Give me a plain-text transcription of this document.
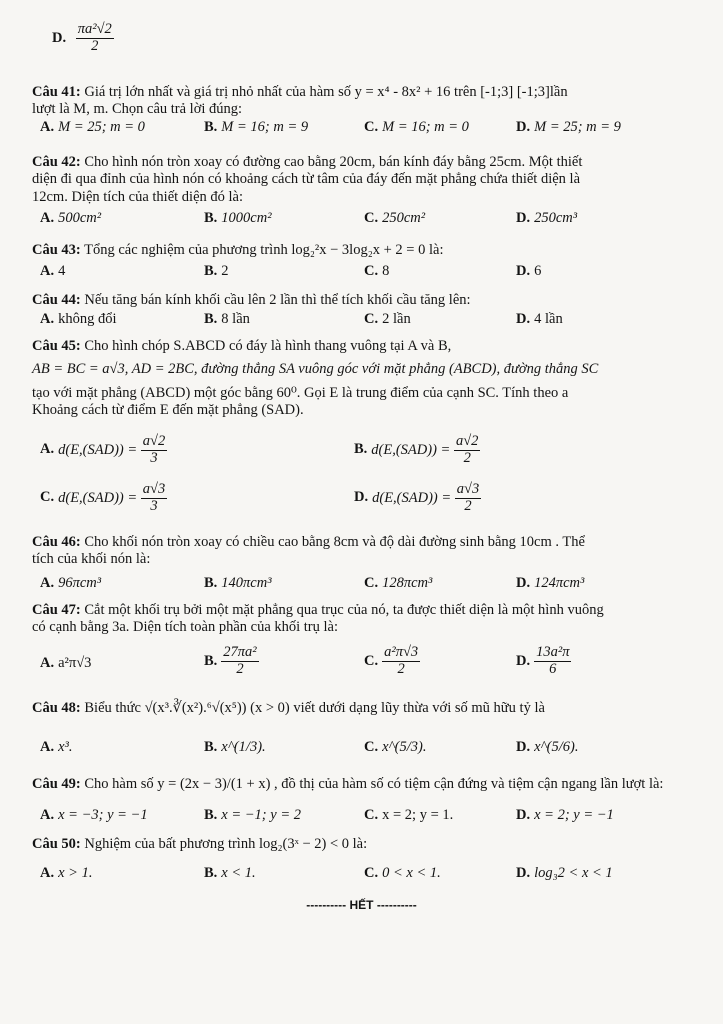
D. $\frac{\text{πa²√2}}{2}$

Câu 41: Giá trị lớn nhất và giá trị nhỏ nhất của hàm số y = x⁴ - 8x² + 16 trên [-1;3] [-1;3]lần

lượt là M, m. Chọn câu trả lời đúng:

A. M = 25; m = 0	B. M = 16; m = 9	C. M = 16; m = 0	D. M = 25; m = 9

Câu 42: Cho hình nón tròn xoay có đường cao bằng 20cm, bán kính đáy bằng 25cm. Một thiết

diện đi qua đỉnh của hình nón có khoảng cách từ tâm của đáy đến mặt phẳng chứa thiết diện là

12cm. Diện tích của thiết diện đó là:

A. 500cm²	B. 1000cm²	C. 250cm²	D. 250cm³

Câu 43: Tổng các nghiệm của phương trình log₂²x − 3log₂x + 2 = 0 là:

A. 4	B. 2	C. 8	D. 6

Câu 44: Nếu tăng bán kính khối cầu lên 2 lần thì thể tích khối cầu tăng lên:

A. không đổi	B. 8 lần	C. 2 lần	D. 4 lần

Câu 45: Cho hình chóp S.ABCD có đáy là hình thang vuông tại A và B,

AB = BC = a√3, AD = 2BC, đường thẳng SA vuông góc với mặt phẳng (ABCD), đường thẳng SC

tạo với mặt phẳng (ABCD) một góc bằng 60⁰. Gọi E là trung điểm của cạnh SC. Tính theo a

Khoảng cách từ điểm E đến mặt phẳng (SAD).

A. $d(E,(SAD)) = \frac{a√2}{3}$	B. $d(E,(SAD)) = \frac{a√2}{2}$
C. $d(E,(SAD)) = \frac{a√3}{3}$	D. $d(E,(SAD)) = \frac{a√3}{2}$

Câu 46: Cho khối nón tròn xoay có chiều cao bằng 8cm và độ dài đường sinh bằng 10cm . Thể

tích của khối nón là:

A. 96πcm³	B. 140πcm³	C. 128πcm³	D. 124πcm³

Câu 47: Cắt một khối trụ bởi một mặt phẳng qua trục của nó, ta được thiết diện là một hình vuông

có cạnh bằng 3a. Diện tích toàn phần của khối trụ là:

A. a²π√3	B. $\frac{\text{27πa²}}{2}$	C. $\frac{\text{a²π√3}}{2}$	D. $\frac{\text{13a²π}}{6}$

Câu 48: Biểu thức √(x³.∛(x²).⁶√(x⁵)) (x > 0) viết dưới dạng lũy thừa với số mũ hữu tỷ là

A. x³.	B. x^(1/3).	C. x^(5/3).	D. x^(5/6).

Câu 49: Cho hàm số y = (2x − 3)/(1 + x) , đồ thị của hàm số có tiệm cận đứng và tiệm cận ngang lần lượt là:

A. x = −3; y = −1	B. x = −1; y = 2	C. x = 2; y = 1.	D. x = 2; y = −1

Câu 50: Nghiệm của bất phương trình log₂(3ˣ − 2) < 0 là:

A. x > 1.	B. x < 1.	C. 0 < x < 1.	D. log₃2 < x < 1
---------- HẾT ----------
